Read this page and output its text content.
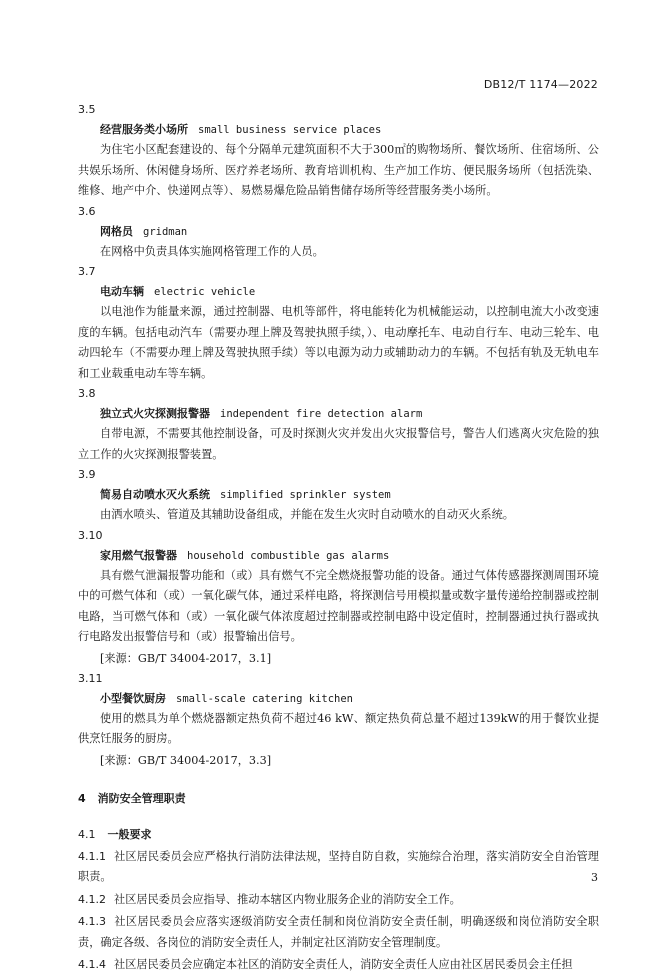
DB12/T 1174—2022
3.5
经营服务类小场所 small business service places

为住宅小区配套建设的、每个分隔单元建筑面积不大于300㎡的购物场所、餐饮场所、住宿场所、公共娱乐场所、休闲健身场所、医疗养老场所、教育培训机构、生产加工作坊、便民服务场所（包括洗染、维修、地产中介、快递网点等）、易燃易爆危险品销售储存场所等经营服务类小场所。

3.6
网格员 gridman

在网格中负责具体实施网格管理工作的人员。

3.7
电动车辆 electric vehicle

以电池作为能量来源，通过控制器、电机等部件，将电能转化为机械能运动，以控制电流大小改变速度的车辆。包括电动汽车（需要办理上牌及驾驶执照手续，）、电动摩托车、电动自行车、电动三轮车、电动四轮车（不需要办理上牌及驾驶执照手续）等以电源为动力或辅助动力的车辆。不包括有轨及无轨电车和工业载重电动车等车辆。

3.8
独立式火灾探测报警器 independent fire detection alarm

自带电源，不需要其他控制设备，可及时探测火灾并发出火灾报警信号，警告人们逃离火灾危险的独立工作的火灾探测报警装置。

3.9
简易自动喷水灭火系统 simplified sprinkler system

由洒水喷头、管道及其辅助设备组成，并能在发生火灾时自动喷水的自动灭火系统。

3.10
家用燃气报警器 household combustible gas alarms

具有燃气泄漏报警功能和（或）具有燃气不完全燃烧报警功能的设备。通过气体传感器探测周围环境中的可燃气体和（或）一氧化碳气体，通过采样电路，将探测信号用模拟量或数字量传递给控制器或控制电路，当可燃气体和（或）一氧化碳气体浓度超过控制器或控制电路中设定值时，控制器通过执行器或执行电路发出报警信号和（或）报警输出信号。

[来源：GB/T 34004-2017，3.1]
3.11
小型餐饮厨房 small-scale catering kitchen

使用的燃具为单个燃烧器额定热负荷不超过46 kW、额定热负荷总量不超过139kW的用于餐饮业提供烹饪服务的厨房。

[来源：GB/T 34004-2017，3.3]
4 消防安全管理职责
4.1 一般要求

4.1.1 社区居民委员会应严格执行消防法律法规，坚持自防自救，实施综合治理，落实消防安全自治管理职责。

4.1.2 社区居民委员会应指导、推动本辖区内物业服务企业的消防安全工作。

4.1.3 社区居民委员会应落实逐级消防安全责任制和岗位消防安全责任制，明确逐级和岗位消防安全职责，确定各级、各岗位的消防安全责任人，并制定社区消防安全管理制度。

4.1.4 社区居民委员会应确定本社区的消防安全责任人，消防安全责任人应由社区居民委员会主任担

3
